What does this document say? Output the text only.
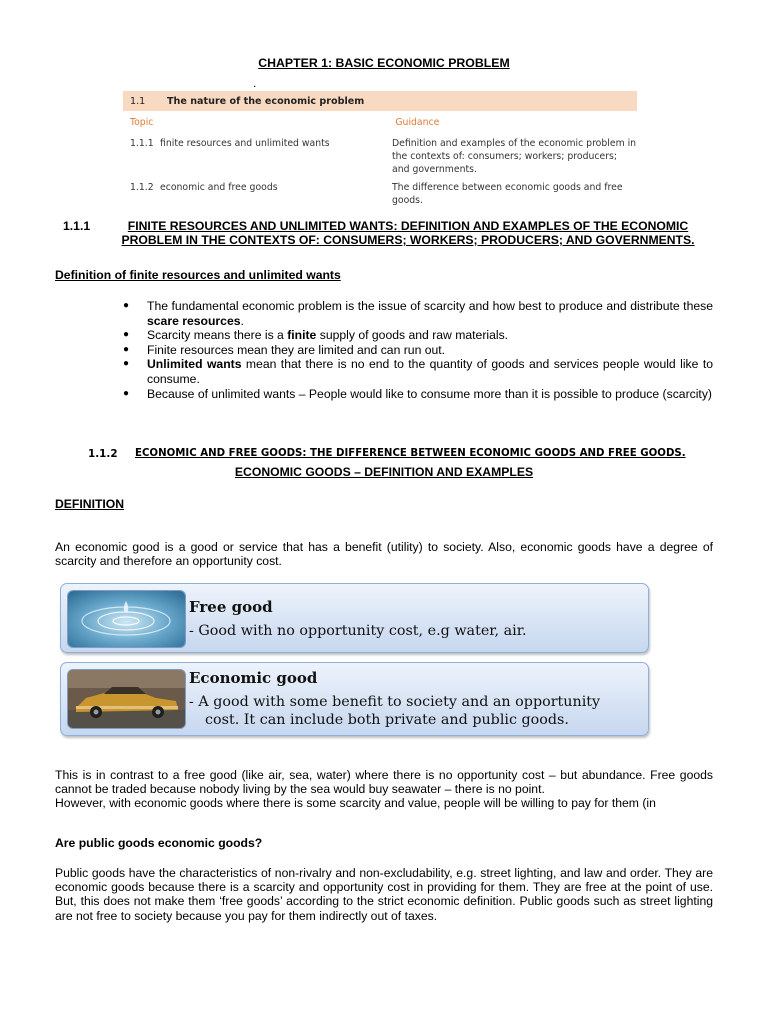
CHAPTER 1: BASIC ECONOMIC PROBLEM
.
1.1	The nature of the economic problem
Topic	Guidance
1.1.1 finite resources and unlimited wants	Definition and examples of the economic problem in the contexts of: consumers; workers; producers; and governments.
1.1.2 economic and free goods	The difference between economic goods and free goods.
1.1.1	FINITE RESOURCES AND UNLIMITED WANTS: DEFINITION AND EXAMPLES OF THE ECONOMIC
PROBLEM IN THE CONTEXTS OF: CONSUMERS; WORKERS; PRODUCERS; AND GOVERNMENTS.
Definition of finite resources and unlimited wants
●	The fundamental economic problem is the issue of scarcity and how best to produce and distribute these scare resources.
●	Scarcity means there is a finite supply of goods and raw materials.
●	Finite resources mean they are limited and can run out.
●	Unlimited wants mean that there is no end to the quantity of goods and services people would like to consume.
●	Because of unlimited wants – People would like to consume more than it is possible to produce (scarcity)
1.1.2 ECONOMIC AND FREE GOODS: THE DIFFERENCE BETWEEN ECONOMIC GOODS AND FREE GOODS.
ECONOMIC GOODS – DEFINITION AND EXAMPLES
DEFINITION
An economic good is a good or service that has a benefit (utility) to society. Also, economic goods have a degree of scarcity and therefore an opportunity cost.
Free good
- Good with no opportunity cost, e.g water, air.
Economic good
- A good with some benefit to society and an opportunity
cost. It can include both private and public goods.
This is in contrast to a free good (like air, sea, water) where there is no opportunity cost – but abundance. Free goods cannot be traded because nobody living by the sea would buy seawater – there is no point.
However, with economic goods where there is some scarcity and value, people will be willing to pay for them (in
Are public goods economic goods?
Public goods have the characteristics of non-rivalry and non-excludability, e.g. street lighting, and law and order. They are economic goods because there is a scarcity and opportunity cost in providing for them. They are free at the point of use. But, this does not make them ‘free goods’ according to the strict economic definition. Public goods such as street lighting are not free to society because you pay for them indirectly out of taxes.
